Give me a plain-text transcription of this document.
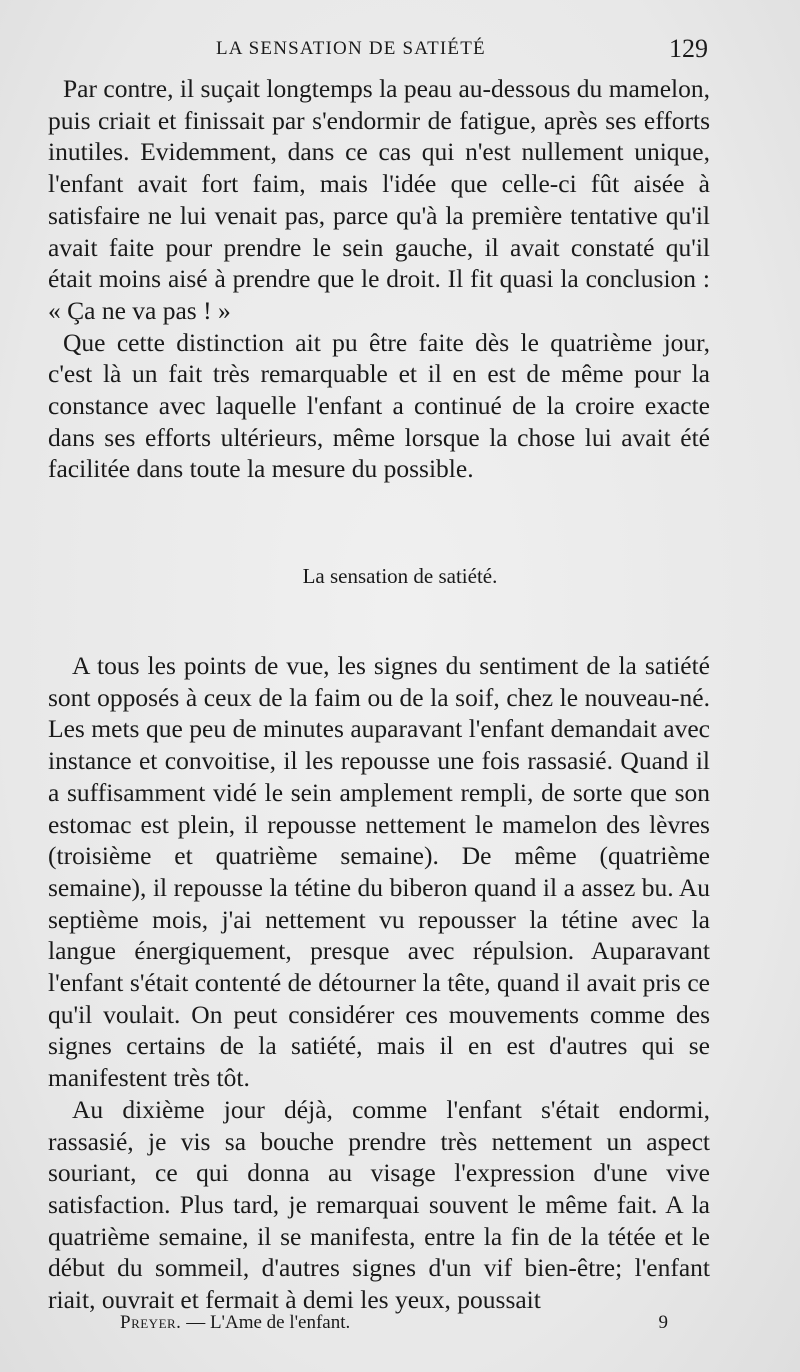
LA SENSATION DE SATIÉTÉ	129

Par contre, il suçait longtemps la peau au-dessous du mamelon, puis criait et finissait par s'endormir de fatigue, après ses efforts inutiles. Evidemment, dans ce cas qui n'est nullement unique, l'enfant avait fort faim, mais l'idée que celle-ci fût aisée à satisfaire ne lui venait pas, parce qu'à la première tentative qu'il avait faite pour prendre le sein gauche, il avait constaté qu'il était moins aisé à prendre que le droit. Il fit quasi la conclusion : « Ça ne va pas ! »

Que cette distinction ait pu être faite dès le quatrième jour, c'est là un fait très remarquable et il en est de même pour la constance avec laquelle l'enfant a continué de la croire exacte dans ses efforts ultérieurs, même lorsque la chose lui avait été facilitée dans toute la mesure du possible.

La sensation de satiété.

A tous les points de vue, les signes du sentiment de la satiété sont opposés à ceux de la faim ou de la soif, chez le nouveau-né. Les mets que peu de minutes auparavant l'enfant demandait avec instance et convoitise, il les repousse une fois rassasié. Quand il a suffisamment vidé le sein amplement rempli, de sorte que son estomac est plein, il repousse nettement le mamelon des lèvres (troisième et quatrième semaine). De même (quatrième semaine), il repousse la tétine du biberon quand il a assez bu. Au septième mois, j'ai nettement vu repousser la tétine avec la langue énergiquement, presque avec répulsion. Auparavant l'enfant s'était contenté de détourner la tête, quand il avait pris ce qu'il voulait. On peut considérer ces mouvements comme des signes certains de la satiété, mais il en est d'autres qui se manifestent très tôt.

Au dixième jour déjà, comme l'enfant s'était endormi, rassasié, je vis sa bouche prendre très nettement un aspect souriant, ce qui donna au visage l'expression d'une vive satisfaction. Plus tard, je remarquai souvent le même fait. A la quatrième semaine, il se manifesta, entre la fin de la tétée et le début du sommeil, d'autres signes d'un vif bien-être; l'enfant riait, ouvrait et fermait à demi les yeux, poussait

Preyer. — L'Ame de l'enfant.	9
